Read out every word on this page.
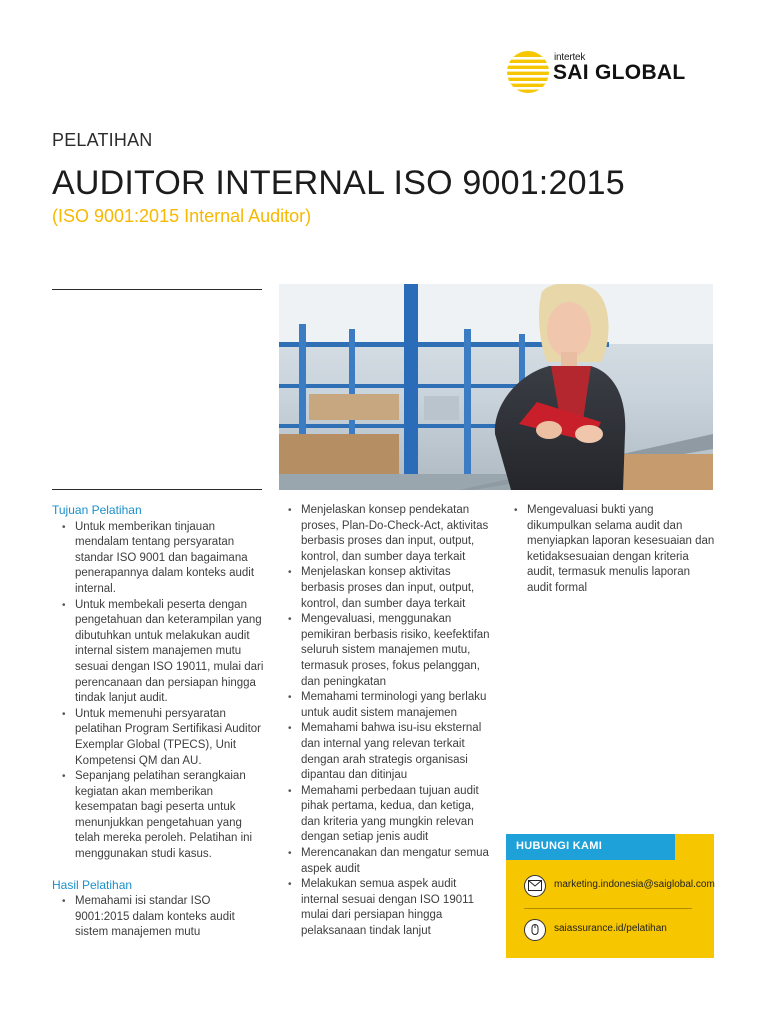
intertek
SAI GLOBAL
PELATIHAN
AUDITOR INTERNAL ISO 9001:2015
(ISO 9001:2015 Internal Auditor)
Tujuan Pelatihan
• Untuk memberikan tinjauan mendalam tentang persyaratan standar ISO 9001 dan bagaimana penerapannya dalam konteks audit internal.
• Untuk membekali peserta dengan pengetahuan dan keterampilan yang dibutuhkan untuk melakukan audit internal sistem manajemen mutu sesuai dengan ISO 19011, mulai dari perencanaan dan persiapan hingga tindak lanjut audit.
• Untuk memenuhi persyaratan pelatihan Program Sertifikasi Auditor Exemplar Global (TPECS), Unit Kompetensi QM dan AU.
• Sepanjang pelatihan serangkaian kegiatan akan memberikan kesempatan bagi peserta untuk menunjukkan pengetahuan yang telah mereka peroleh. Pelatihan ini menggunakan studi kasus.
Hasil Pelatihan
• Memahami isi standar ISO 9001:2015 dalam konteks audit sistem manajemen mutu
• Menjelaskan konsep pendekatan proses, Plan-Do-Check-Act, aktivitas berbasis proses dan input, output, kontrol, dan sumber daya terkait
• Menjelaskan konsep aktivitas berbasis proses dan input, output, kontrol, dan sumber daya terkait
• Mengevaluasi, menggunakan pemikiran berbasis risiko, keefektifan seluruh sistem manajemen mutu, termasuk proses, fokus pelanggan, dan peningkatan
• Memahami terminologi yang berlaku untuk audit sistem manajemen
• Memahami bahwa isu-isu eksternal dan internal yang relevan terkait dengan arah strategis organisasi dipantau dan ditinjau
• Memahami perbedaan tujuan audit pihak pertama, kedua, dan ketiga, dan kriteria yang mungkin relevan dengan setiap jenis audit
• Merencanakan dan mengatur semua aspek audit
• Melakukan semua aspek audit internal sesuai dengan ISO 19011 mulai dari persiapan hingga pelaksanaan tindak lanjut
• Mengevaluasi bukti yang dikumpulkan selama audit dan menyiapkan laporan kesesuaian dan ketidaksesuaian dengan kriteria audit, termasuk menulis laporan audit formal
HUBUNGI KAMI
marketing.indonesia@saiglobal.com
saiassurance.id/pelatihan
